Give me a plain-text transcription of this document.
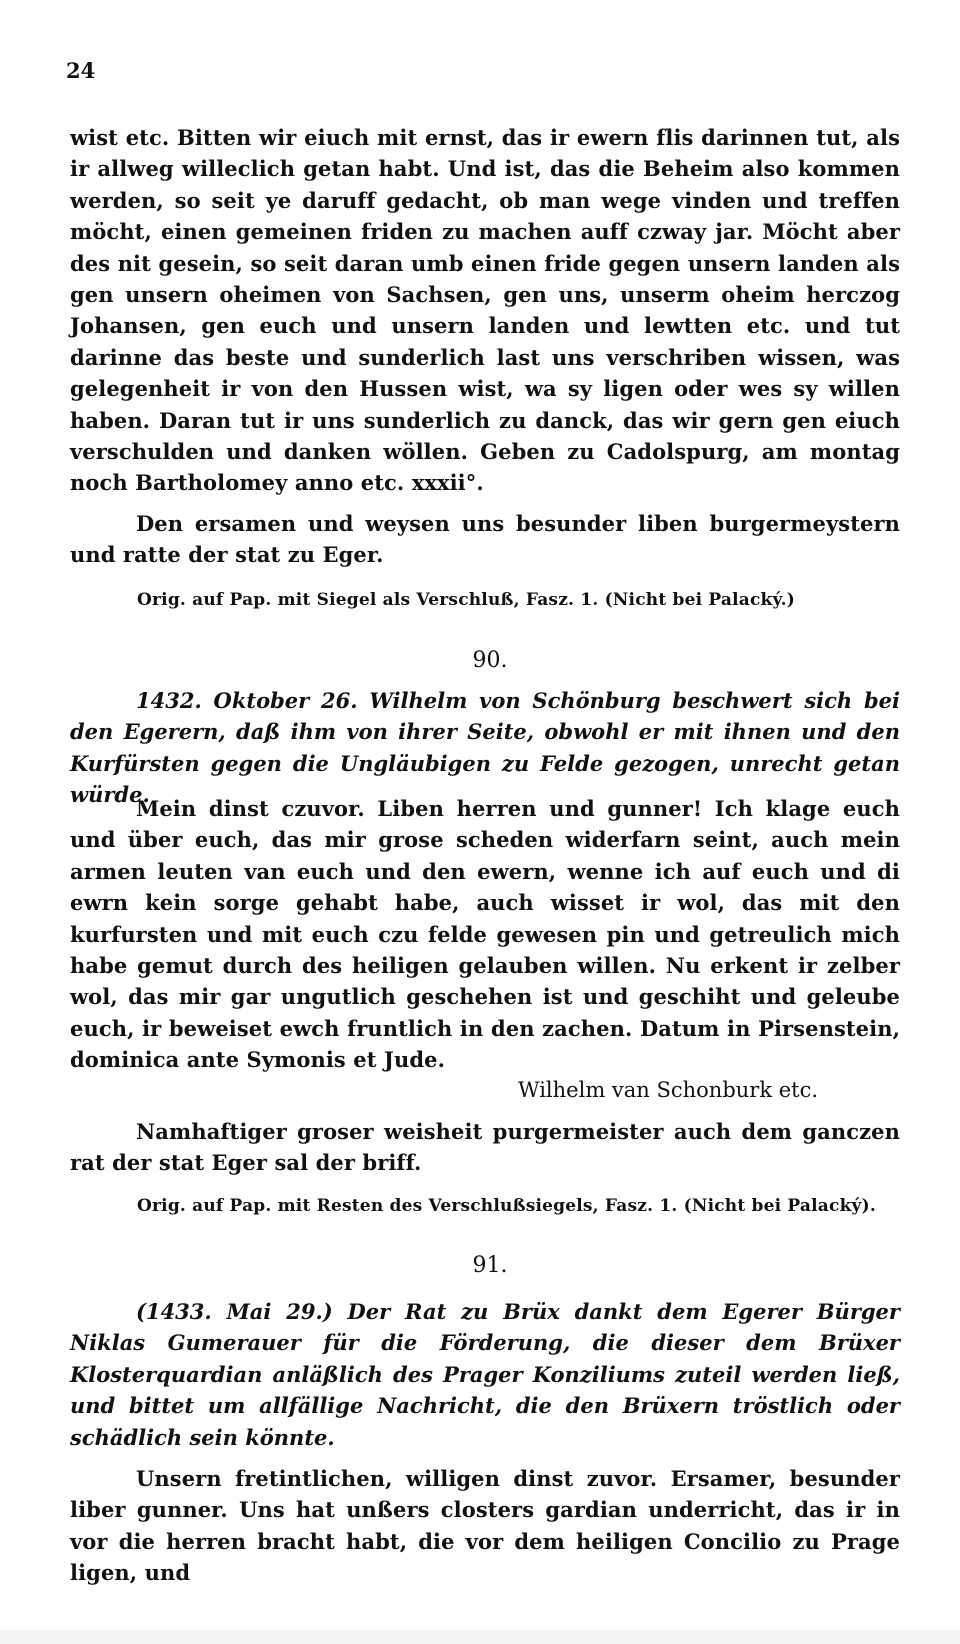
24

wist etc. Bitten wir eiuch mit ernst, das ir ewern flis darinnen tut, als ir allweg willeclich getan habt. Und ist, das die Beheim also kommen werden, so seit ye daruff gedacht, ob man wege vinden und treffen möcht, einen gemeinen friden zu machen auff czway jar. Möcht aber des nit gesein, so seit daran umb einen fride gegen unsern landen als gen unsern oheimen von Sachsen, gen uns, unserm oheim herczog Johansen, gen euch und unsern landen und lewtten etc. und tut darinne das beste und sunderlich last uns verschriben wissen, was gelegenheit ir von den Hussen wist, wa sy ligen oder wes sy willen haben. Daran tut ir uns sunderlich zu danck, das wir gern gen eiuch verschulden und danken wöllen. Geben zu Cadolspurg, am montag noch Bartholomey anno etc. xxxii°.

Den ersamen und weysen uns besunder liben burgermeystern und ratte der stat zu Eger.

Orig. auf Pap. mit Siegel als Verschluß, Fasz. 1. (Nicht bei Palacký.)
90.
1432. Oktober 26. Wilhelm von Schönburg beschwert sich bei den Egerern, daß ihm von ihrer Seite, obwohl er mit ihnen und den Kurfürsten gegen die Ungläubigen zu Felde gezogen, unrecht getan würde.

Mein dinst czuvor. Liben herren und gunner! Ich klage euch und über euch, das mir grose scheden widerfarn seint, auch mein armen leuten van euch und den ewern, wenne ich auf euch und di ewrn kein sorge gehabt habe, auch wisset ir wol, das mit den kurfursten und mit euch czu felde gewesen pin und getreulich mich habe gemut durch des heiligen gelauben willen. Nu erkent ir zelber wol, das mir gar ungutlich geschehen ist und geschiht und geleube euch, ir beweiset ewch fruntlich in den zachen. Datum in Pirsenstein, dominica ante Symonis et Jude.

Wilhelm van Schonburk etc.

Namhaftiger groser weisheit purgermeister auch dem ganczen rat der stat Eger sal der briff.

Orig. auf Pap. mit Resten des Verschlußsiegels, Fasz. 1. (Nicht bei Palacký).
91.
(1433. Mai 29.) Der Rat zu Brüx dankt dem Egerer Bürger Niklas Gumerauer für die Förderung, die dieser dem Brüxer Klosterquardian anläßlich des Prager Konziliums zuteil werden ließ, und bittet um allfällige Nachricht, die den Brüxern tröstlich oder schädlich sein könnte.

Unsern fretintlichen, willigen dinst zuvor. Ersamer, besunder liber gunner. Uns hat unßers closters gardian underricht, das ir in vor die herren bracht habt, die vor dem heiligen Concilio zu Prage ligen, und
